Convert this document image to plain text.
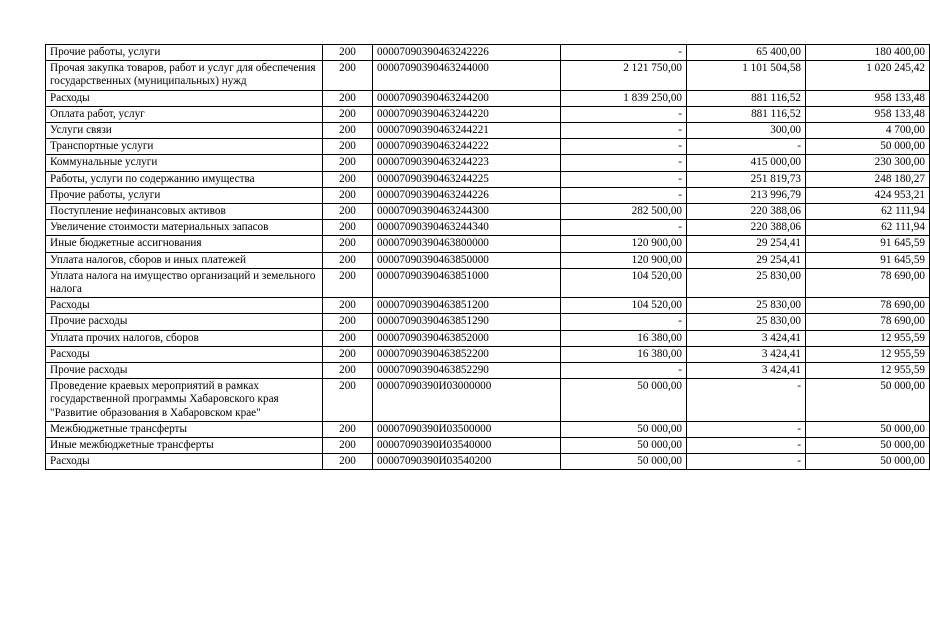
Прочие работы, услуги	200	00007090390463242226	-	65 400,00	180 400,00
Прочая закупка товаров, работ и услуг для обеспечения государственных (муниципальных) нужд	200	00007090390463244000	2 121 750,00	1 101 504,58	1 020 245,42
Расходы	200	00007090390463244200	1 839 250,00	881 116,52	958 133,48
Оплата работ, услуг	200	00007090390463244220	-	881 116,52	958 133,48
Услуги связи	200	00007090390463244221	-	300,00	4 700,00
Транспортные услуги	200	00007090390463244222	-	-	50 000,00
Коммунальные услуги	200	00007090390463244223	-	415 000,00	230 300,00
Работы, услуги по содержанию имущества	200	00007090390463244225	-	251 819,73	248 180,27
Прочие работы, услуги	200	00007090390463244226	-	213 996,79	424 953,21
Поступление нефинансовых активов	200	00007090390463244300	282 500,00	220 388,06	62 111,94
Увеличение стоимости материальных запасов	200	00007090390463244340	-	220 388,06	62 111,94
Иные бюджетные ассигнования	200	00007090390463800000	120 900,00	29 254,41	91 645,59
Уплата налогов, сборов и иных платежей	200	00007090390463850000	120 900,00	29 254,41	91 645,59
Уплата налога на имущество организаций и земельного налога	200	00007090390463851000	104 520,00	25 830,00	78 690,00
Расходы	200	00007090390463851200	104 520,00	25 830,00	78 690,00
Прочие расходы	200	00007090390463851290	-	25 830,00	78 690,00
Уплата прочих налогов, сборов	200	00007090390463852000	16 380,00	3 424,41	12 955,59
Расходы	200	00007090390463852200	16 380,00	3 424,41	12 955,59
Прочие расходы	200	00007090390463852290	-	3 424,41	12 955,59
Проведение краевых мероприятий в рамках государственной программы Хабаровского края "Развитие образования в Хабаровском крае"	200	00007090390И03000000	50 000,00	-	50 000,00
Межбюджетные трансферты	200	00007090390И03500000	50 000,00	-	50 000,00
Иные межбюджетные трансферты	200	00007090390И03540000	50 000,00	-	50 000,00
Расходы	200	00007090390И03540200	50 000,00	-	50 000,00
